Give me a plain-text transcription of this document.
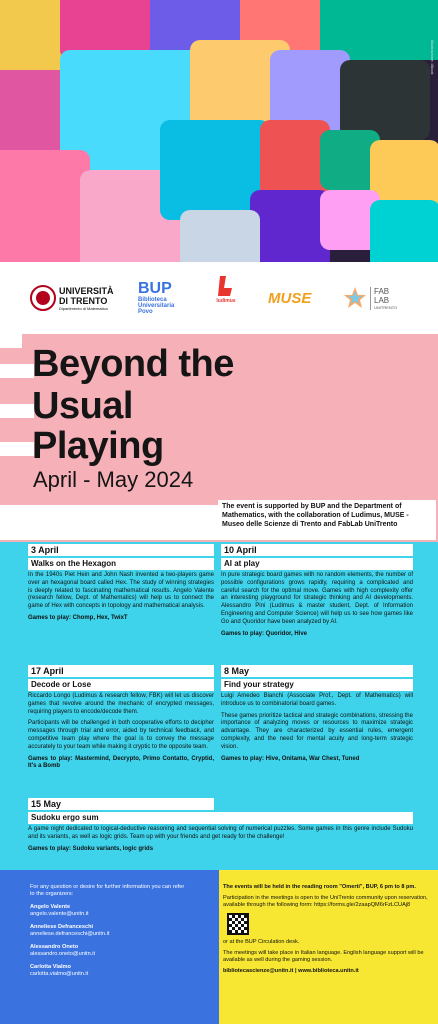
Illustrazione: iStock
UNIVERSITÀ DI TRENTO
Dipartimento di Matematica
BUP
Biblioteca
Universitaria
Povo
ludimus MUSE	FAB LAB
UNITRENTO
Beyond the
Usual
Playing
April - May 2024
The event is supported by BUP and the Department of Mathematics, with the collaboration of Ludimus, MUSE - Museo delle Scienze di Trento and FabLab UniTrento
3 April
Walks on the Hexagon

In the 1940s Piet Hein and John Nash invented a two-players game over an hexagonal board called Hex. The study of winning strategies is deeply related to fascinating mathematical results. Angelo Valente (research fellow, Dept. of Mathematics) will help us to connect the game of Hex with concepts in topology and mathematical analysis.

Games to play: Chomp, Hex, TwixT

10 April
AI at play

In pure strategic board games with no random elements, the number of possible configurations grows rapidly, requiring a complicated and careful search for the optimal move. Games with high complexity offer an interesting playground for strategic thinking and AI developments. Alessandro Pini (Ludimus & master student, Dept. of Information Engineering and Computer Science) will help us to see how games like Go and Quoridor have been analyzed by AI.

Games to play: Quoridor, Hive

17 April
Decode or Lose

Riccardo Longo (Ludimus & research fellow, FBK) will let us discover games that revolve around the mechanic of encrypted messages, requiring players to encode/decode them.

Participants will be challenged in both cooperative efforts to decipher messages through trial and error, aided by technical feedback, and competitive team play where the goal is to convey the message accurately to your team while making it cryptic to the opposite team.

Games to play: Mastermind, Decrypto, Primo Contatto, Cryptid, It's a Bomb

8 May
Find your strategy

Luigi Amedeo Bianchi (Associate Prof., Dept. of Mathematics) will introduce us to combinatorial board games.

These games prioritize tactical and strategic combinations, stressing the importance of analyzing moves or resources to maximize strategic advantage. They are characterized by essential rules, emergent complexity, and the need for mental acuity and long-term strategic vision.

Games to play: Hive, Onitama, War Chest, Tuned

15 May
Sudoku ergo sum

A game night dedicated to logical-deductive reasoning and sequential solving of numerical puzzles. Some games in this genre include Sudoku and its variants, as well as logic grids. Team up with your friends and get ready for the challenge!

Games to play: Sudoku variants, logic grids

For any question or desire for further information you can refer to the organizers:
Angelo Valente
angelo.valente@unitn.it
Anneliese Defranceschi
anneliese.defranceschi@unitn.it
Alessandro Oneto
alessandro.oneto@unitn.it
Carlotta Vialmo
carlotta.vialmo@unitn.it

The events will be held in the reading room "Omerti", BUP, 6 pm to 8 pm.

Participation in the meetings is open to the UniTrento community upon reservation, available through the following form: https://forms.gle/2zaapQM6rFzLCUAj8

or at the BUP Circulation desk.

The meetings will take place in Italian language. English language support will be available as well during the gaming session.

bibliotecascienze@unitn.it | www.biblioteca.unitn.it
